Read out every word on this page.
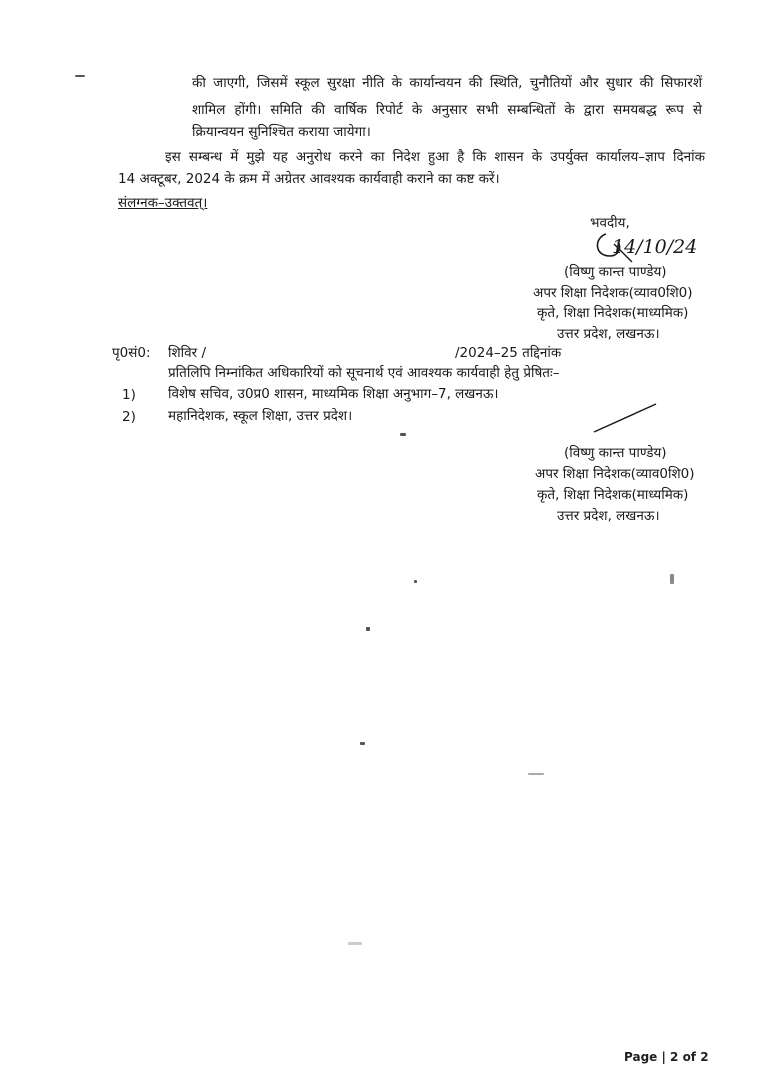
की जाएगी, जिसमें स्कूल सुरक्षा नीति के कार्यान्वयन की स्थिति, चुनौतियों और सुधार की सिफारशें
शामिल होंगी। समिति की वार्षिक रिपोर्ट के अनुसार सभी सम्बन्धितों के द्वारा समयबद्ध रूप से
क्रियान्वयन सुनिश्चित कराया जायेगा।
इस सम्बन्ध में मुझे यह अनुरोध करने का निदेश हुआ है कि शासन के उपर्युक्त कार्यालय–ज्ञाप दिनांक
14 अक्टूबर, 2024 के क्रम में अग्रेतर आवश्यक कार्यवाही कराने का कष्ट करें।
संलग्नक–उक्तवत्।
भवदीय,
14/10/24
(विष्णु कान्त पाण्डेय)
अपर शिक्षा निदेशक(व्याव0शि0)
कृते, शिक्षा निदेशक(माध्यमिक)
उत्तर प्रदेश, लखनऊ।
पृ0सं0: शिविर /	/2024–25 तद्दिनांक
प्रतिलिपि निम्नांकित अधिकारियों को सूचनार्थ एवं आवश्यक कार्यवाही हेतु प्रेषितः–
1) विशेष सचिव, उ0प्र0 शासन, माध्यमिक शिक्षा अनुभाग–7, लखनऊ।
2) महानिदेशक, स्कूल शिक्षा, उत्तर प्रदेश।
(विष्णु कान्त पाण्डेय)
अपर शिक्षा निदेशक(व्याव0शि0)
कृते, शिक्षा निदेशक(माध्यमिक)
उत्तर प्रदेश, लखनऊ।
Page | 2 of 2
